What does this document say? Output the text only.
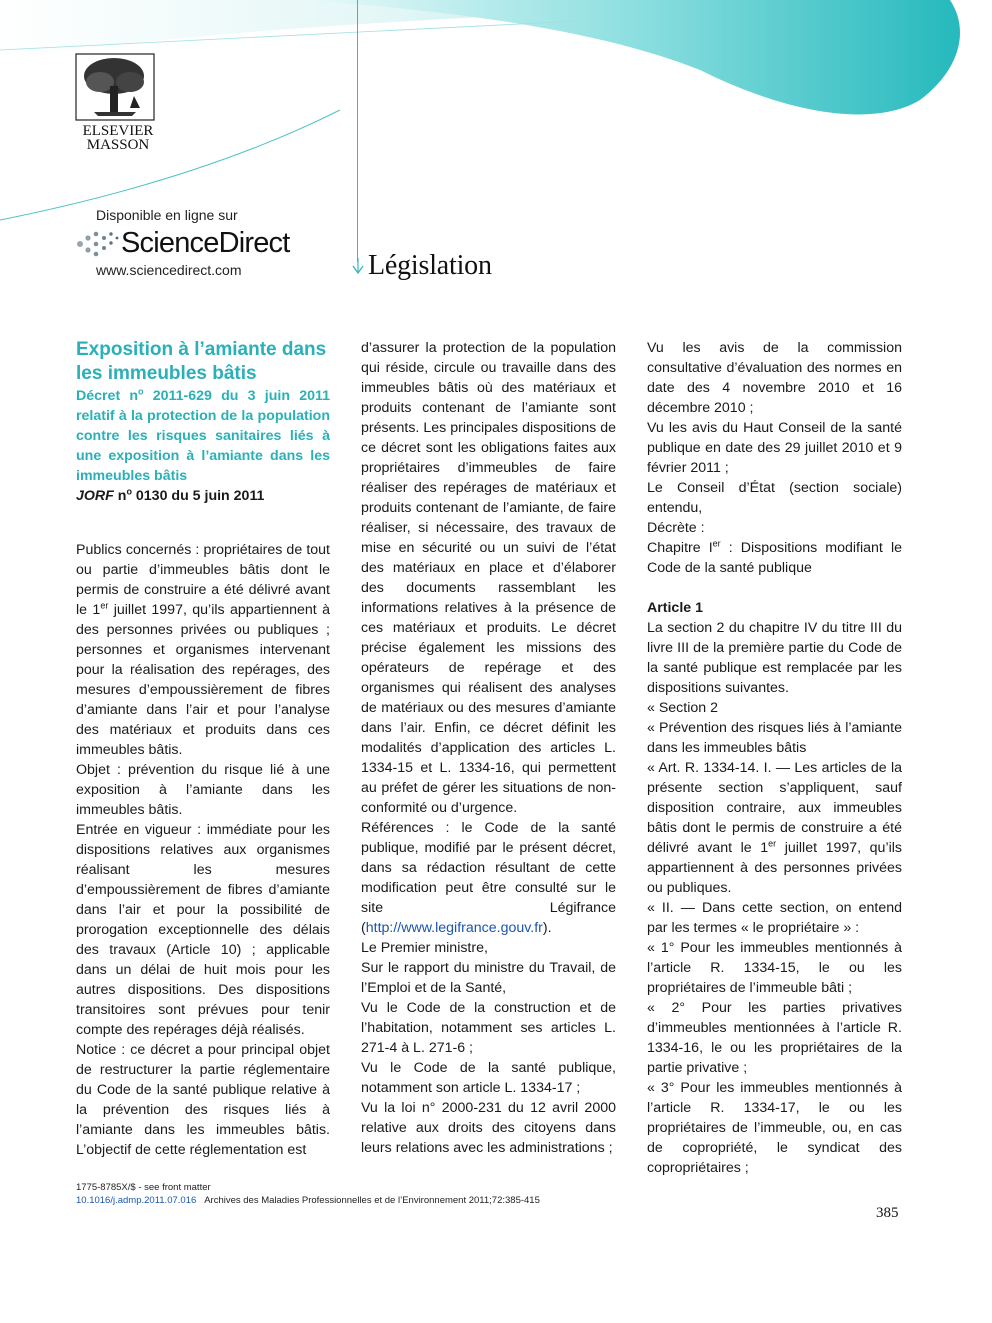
ELSEVIER
MASSON
Disponible en ligne sur
ScienceDirect
www.sciencedirect.com	Législation

Exposition à l’amiante dans les immeubles bâtis

Décret $n^o$ 2011-629 du 3 juin 2011 relatif à la protection de la population contre les risques sanitaires liés à une exposition à l’amiante dans les immeubles bâtis

JORF $n^o$ 0130 du 5 juin 2011

Publics concernés : propriétaires de tout ou partie d’immeubles bâtis dont le permis de construire a été délivré avant le 1er juillet 1997, qu’ils appartiennent à des personnes privées ou publiques ; personnes et organismes intervenant pour la réalisation des repérages, des mesures d’empoussièrement de fibres d’amiante dans l’air et pour l’analyse des matériaux et produits dans ces immeubles bâtis.

Objet : prévention du risque lié à une exposition à l’amiante dans les immeubles bâtis.

Entrée en vigueur : immédiate pour les dispositions relatives aux organismes réalisant les mesures d’empoussièrement de fibres d’amiante dans l’air et pour la possibilité de prorogation exceptionnelle des délais des travaux (Article 10) ; applicable dans un délai de huit mois pour les autres dispositions. Des dispositions transitoires sont prévues pour tenir compte des repérages déjà réalisés.

Notice : ce décret a pour principal objet de restructurer la partie réglementaire du Code de la santé publique relative à la prévention des risques liés à l’amiante dans les immeubles bâtis. L’objectif de cette réglementation est

d’assurer la protection de la population qui réside, circule ou travaille dans des immeubles bâtis où des matériaux et produits contenant de l’amiante sont présents. Les principales dispositions de ce décret sont les obligations faites aux propriétaires d’immeubles de faire réaliser des repérages de matériaux et produits contenant de l’amiante, de faire réaliser, si nécessaire, des travaux de mise en sécurité ou un suivi de l’état des matériaux en place et d’élaborer des documents rassemblant les informations relatives à la présence de ces matériaux et produits. Le décret précise également les missions des opérateurs de repérage et des organismes qui réalisent des analyses de matériaux ou des mesures d’amiante dans l’air. Enfin, ce décret définit les modalités d’application des articles L. 1334-15 et L. 1334-16, qui permettent au préfet de gérer les situations de non-conformité ou d’urgence.

Références : le Code de la santé publique, modifié par le présent décret, dans sa rédaction résultant de cette modification peut être consulté sur le site Légifrance (http://www.legifrance.gouv.fr).

Le Premier ministre,

Sur le rapport du ministre du Travail, de l’Emploi et de la Santé,

Vu le Code de la construction et de l’habitation, notamment ses articles L. 271-4 à L. 271-6 ;

Vu le Code de la santé publique, notamment son article L. 1334-17 ;

Vu la loi n° 2000-231 du 12 avril 2000 relative aux droits des citoyens dans leurs relations avec les administrations ;

Vu les avis de la commission consultative d’évaluation des normes en date des 4 novembre 2010 et 16 décembre 2010 ;

Vu les avis du Haut Conseil de la santé publique en date des 29 juillet 2010 et 9 février 2011 ;

Le Conseil d’État (section sociale) entendu,

Décrète :

Chapitre Ier : Dispositions modifiant le Code de la santé publique

Article 1

La section 2 du chapitre IV du titre III du livre III de la première partie du Code de la santé publique est remplacée par les dispositions suivantes.

« Section 2

« Prévention des risques liés à l’amiante dans les immeubles bâtis

« Art. R. 1334-14. I. — Les articles de la présente section s’appliquent, sauf disposition contraire, aux immeubles bâtis dont le permis de construire a été délivré avant le 1er juillet 1997, qu’ils appartiennent à des personnes privées ou publiques.

« II. — Dans cette section, on entend par les termes « le propriétaire » :

« 1° Pour les immeubles mentionnés à l’article R. 1334-15, le ou les propriétaires de l’immeuble bâti ;

« 2° Pour les parties privatives d’immeubles mentionnées à l’article R. 1334-16, le ou les propriétaires de la partie privative ;

« 3° Pour les immeubles mentionnés à l’article R. 1334-17, le ou les propriétaires de l’immeuble, ou, en cas de copropriété, le syndicat des copropriétaires ;

1775-8785X/$ - see front matter
10.1016/j.admp.2011.07.016 Archives des Maladies Professionnelles et de l’Environnement 2011;72:385-415
385
